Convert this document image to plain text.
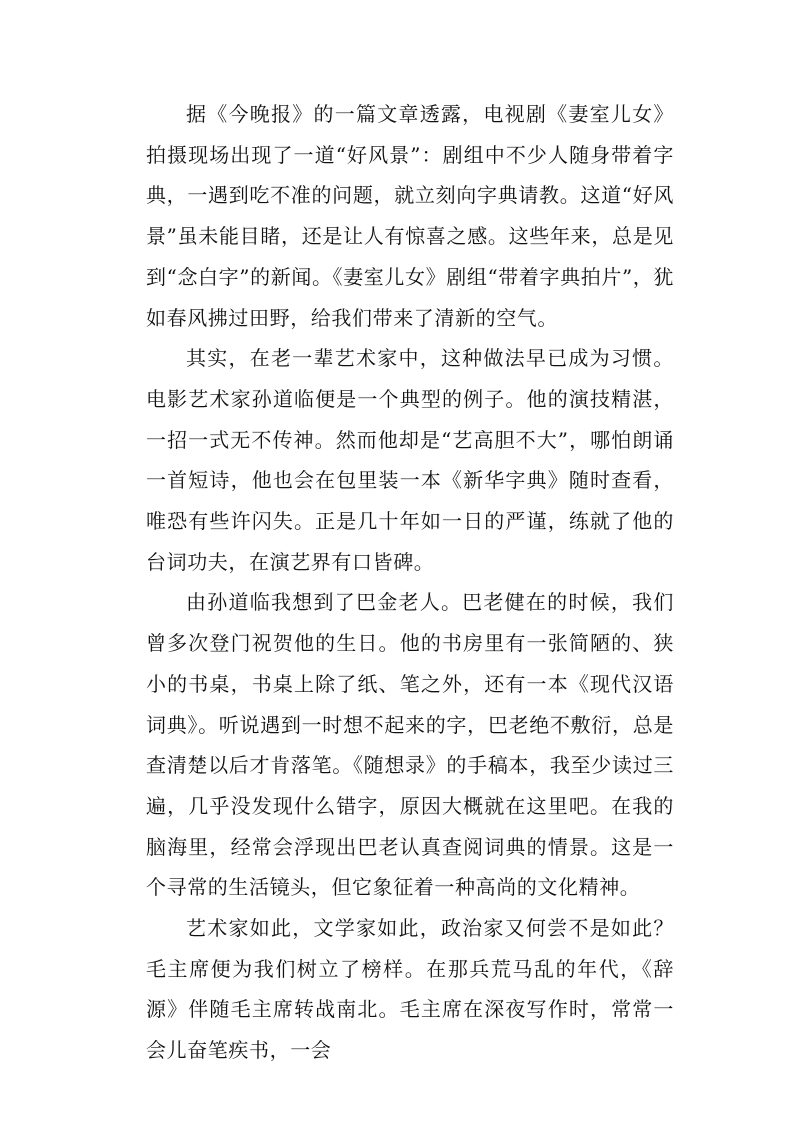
据《今晚报》的一篇文章透露，电视剧《妻室儿女》拍摄现场出现了一道“好风景”：剧组中不少人随身带着字典，一遇到吃不准的问题，就立刻向字典请教。这道“好风景”虽未能目睹，还是让人有惊喜之感。这些年来，总是见到“念白字”的新闻。《妻室儿女》剧组“带着字典拍片”，犹如春风拂过田野，给我们带来了清新的空气。

其实，在老一辈艺术家中，这种做法早已成为习惯。电影艺术家孙道临便是一个典型的例子。他的演技精湛，一招一式无不传神。然而他却是“艺高胆不大”，哪怕朗诵一首短诗，他也会在包里装一本《新华字典》随时查看，唯恐有些许闪失。正是几十年如一日的严谨，练就了他的台词功夫，在演艺界有口皆碑。

由孙道临我想到了巴金老人。巴老健在的时候，我们曾多次登门祝贺他的生日。他的书房里有一张简陋的、狭小的书桌，书桌上除了纸、笔之外，还有一本《现代汉语词典》。听说遇到一时想不起来的字，巴老绝不敷衍，总是查清楚以后才肯落笔。《随想录》的手稿本，我至少读过三遍，几乎没发现什么错字，原因大概就在这里吧。在我的脑海里，经常会浮现出巴老认真查阅词典的情景。这是一个寻常的生活镜头，但它象征着一种高尚的文化精神。

艺术家如此，文学家如此，政治家又何尝不是如此？毛主席便为我们树立了榜样。在那兵荒马乱的年代，《辞源》伴随毛主席转战南北。毛主席在深夜写作时，常常一会儿奋笔疾书，一会
